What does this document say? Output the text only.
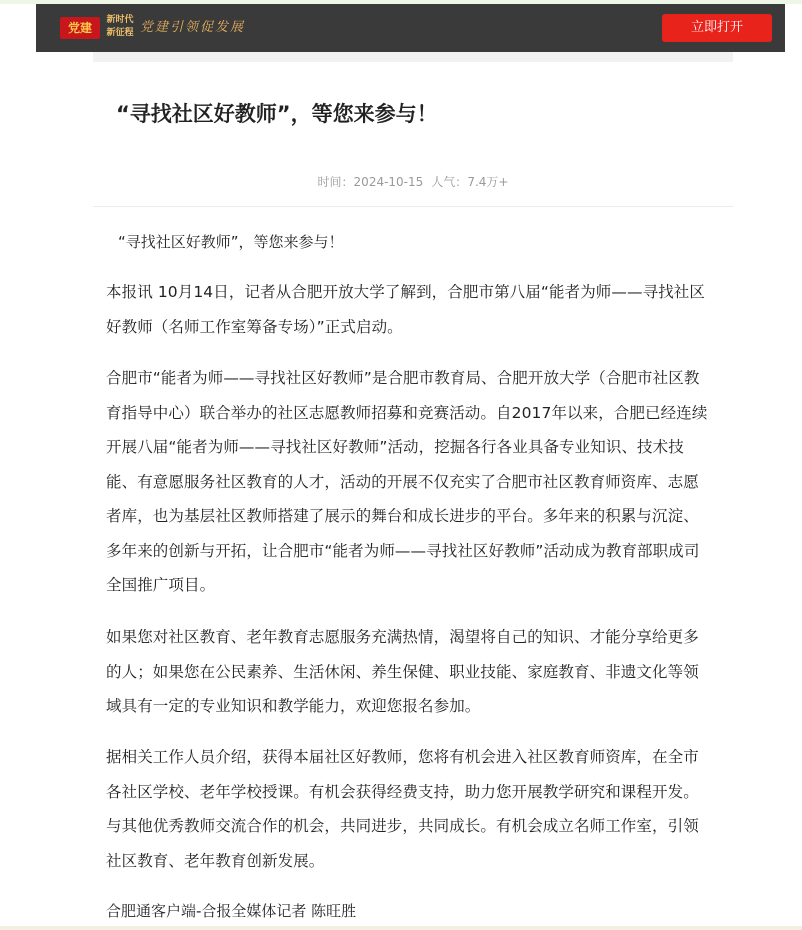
党建
新时代新征程 党建引领促发展	立即打开
“寻找社区好教师”，等您来参与！
时间：2024-10-15 人气：7.4万+

“寻找社区好教师”，等您来参与！

本报讯 10月14日，记者从合肥开放大学了解到，合肥市第八届“能者为师——寻找社区好教师（名师工作室筹备专场）”正式启动。

合肥市“能者为师——寻找社区好教师”是合肥市教育局、合肥开放大学（合肥市社区教育指导中心）联合举办的社区志愿教师招募和竞赛活动。自2017年以来，合肥已经连续开展八届“能者为师——寻找社区好教师”活动，挖掘各行各业具备专业知识、技术技能、有意愿服务社区教育的人才，活动的开展不仅充实了合肥市社区教育师资库、志愿者库，也为基层社区教师搭建了展示的舞台和成长进步的平台。多年来的积累与沉淀、多年来的创新与开拓，让合肥市“能者为师——寻找社区好教师”活动成为教育部职成司全国推广项目。

如果您对社区教育、老年教育志愿服务充满热情，渴望将自己的知识、才能分享给更多的人；如果您在公民素养、生活休闲、养生保健、职业技能、家庭教育、非遗文化等领域具有一定的专业知识和教学能力，欢迎您报名参加。

据相关工作人员介绍，获得本届社区好教师，您将有机会进入社区教育师资库，在全市各社区学校、老年学校授课。有机会获得经费支持，助力您开展教学研究和课程开发。与其他优秀教师交流合作的机会，共同进步，共同成长。有机会成立名师工作室，引领社区教育、老年教育创新发展。

合肥通客户端-合报全媒体记者 陈旺胜
